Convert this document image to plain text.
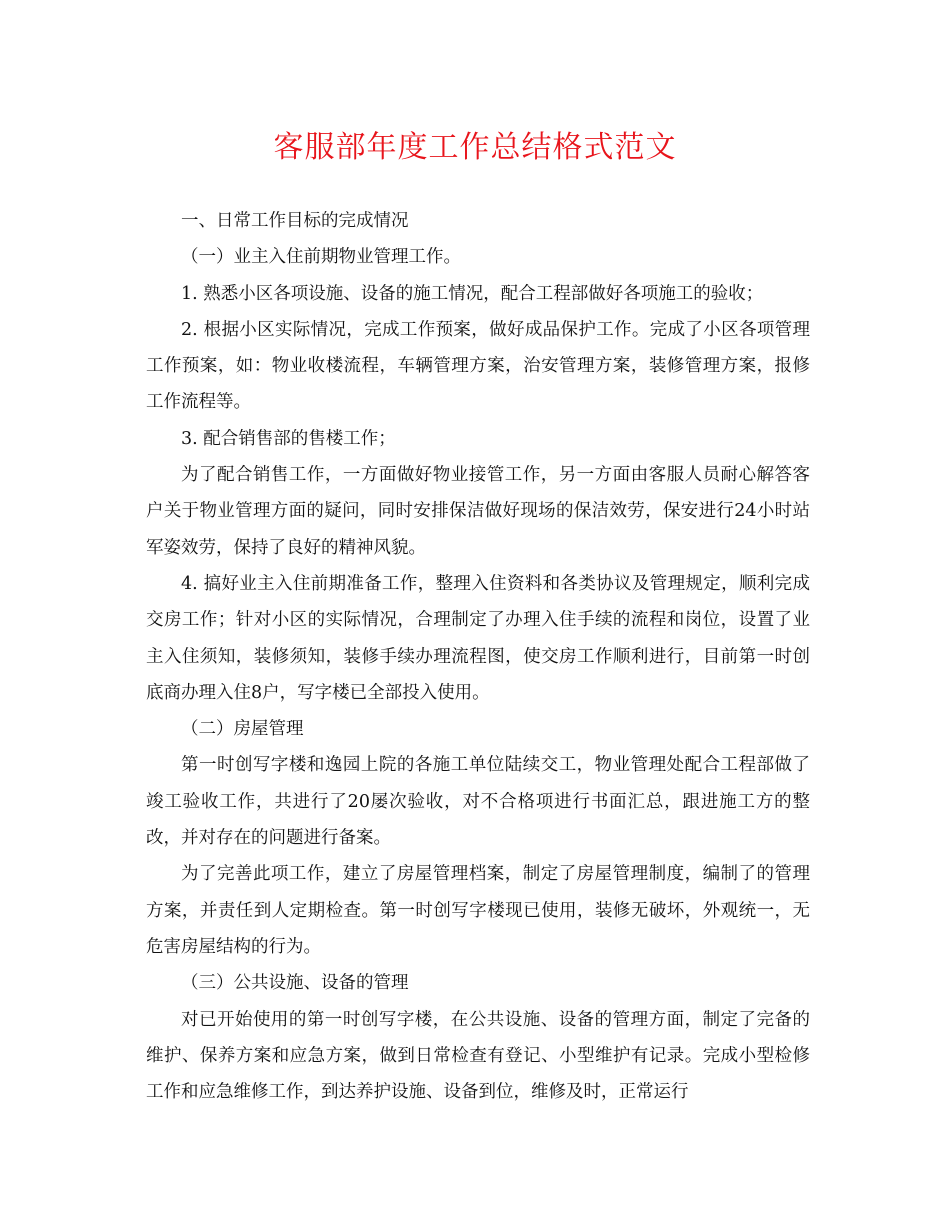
客服部年度工作总结格式范文

一、日常工作目标的完成情况

（一）业主入住前期物业管理工作。

1. 熟悉小区各项设施、设备的施工情况，配合工程部做好各项施工的验收；

2. 根据小区实际情况，完成工作预案，做好成品保护工作。完成了小区各项管理工作预案，如：物业收楼流程，车辆管理方案，治安管理方案，装修管理方案，报修工作流程等。

3. 配合销售部的售楼工作；

为了配合销售工作，一方面做好物业接管工作，另一方面由客服人员耐心解答客户关于物业管理方面的疑问，同时安排保洁做好现场的保洁效劳，保安进行24小时站军姿效劳，保持了良好的精神风貌。

4. 搞好业主入住前期准备工作，整理入住资料和各类协议及管理规定，顺利完成交房工作；针对小区的实际情况，合理制定了办理入住手续的流程和岗位，设置了业主入住须知，装修须知，装修手续办理流程图，使交房工作顺利进行，目前第一时创底商办理入住8户，写字楼已全部投入使用。

（二）房屋管理

第一时创写字楼和逸园上院的各施工单位陆续交工，物业管理处配合工程部做了竣工验收工作，共进行了20屡次验收，对不合格项进行书面汇总，跟进施工方的整改，并对存在的问题进行备案。

为了完善此项工作，建立了房屋管理档案，制定了房屋管理制度，编制了的管理方案，并责任到人定期检查。第一时创写字楼现已使用，装修无破坏，外观统一，无危害房屋结构的行为。

（三）公共设施、设备的管理

对已开始使用的第一时创写字楼，在公共设施、设备的管理方面，制定了完备的维护、保养方案和应急方案，做到日常检查有登记、小型维护有记录。完成小型检修工作和应急维修工作，到达养护设施、设备到位，维修及时，正常运行
